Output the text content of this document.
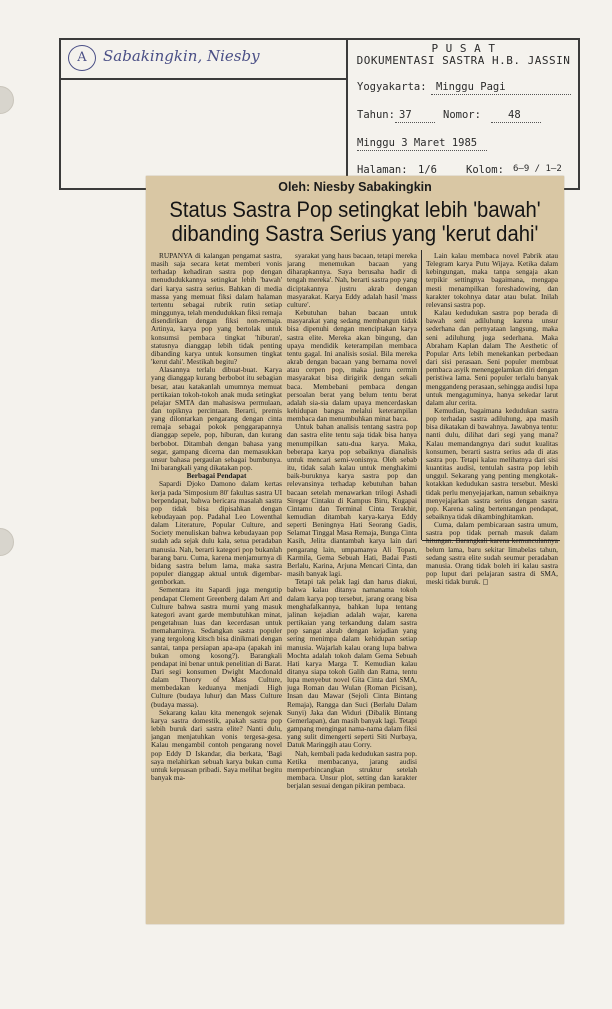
A	Sabakingkin, Niesby	P U S A T
DOKUMENTASI SASTRA H.B. JASSIN
Yogyakarta: Minggu Pagi
Tahun: 37	Nomor:	48
Minggu 3 Maret 1985
Halaman: 1/6	Kolom: 6—9 / 1—2
Oleh: Niesby Sabakingkin
Status Sastra Pop setingkat lebih 'bawah'
dibanding Sastra Serius yang 'kerut dahi'

RUPANYA di kalangan pengamat sastra, masih saja secara ketat memberi vonis terhadap kehadiran sastra pop dengan menududukkannya setingkat lebih 'bawah' dari karya sastra serius. Bahkan di media massa yang memuat fiksi dalam halaman tertentu sebagai rubrik rutin setiap minggunya, telah mendudukkan fiksi remaja disendirikan dengan fiksi non-remaja. Artinya, karya pop yang bertolak untuk konsumsi pembaca tingkat 'hiburan', statusnya dianggap lebih tidak penting dibanding karya untuk konsumen tingkat 'kerut dahi'. Mestikah begitu?

Alasannya terlalu dibuat-buat. Karya yang dianggap kurang berbobot itu sebagian besar, atau katakanlah umumnya memuat pertikaian tokoh-tokoh anak muda setingkat pelajar SMTA dan mahasiswa permulaan, dan topiknya percintaan. Berarti, premis yang dilontarkan pengarang dengan cinta remaja sebagai pokok penggarapannya dianggap sepele, pop, hiburan, dan kurang berbobot. Ditambah dengan bahasa yang segar, gampang dicerna dan memasukkan unsur bahasa pergaulan sebagai bumbunya. Ini barangkali yang dikatakan pop.

Berbagai Pendapat

Sapardi Djoko Damono dalam kertas kerja pada 'Simposium 80' fakultas sastra UI berpendapat, bahwa bericara masalah sastra pop tidak bisa dipisahkan dengan kebudayaan pop. Padahal Leo Lowenthal dalam Literature, Popular Culture, and Society menuliskan bahwa kebudayaan pop sudah ada sejak dulu kala, setua peradaban manusia. Nah, berarti kategori pop bukanlah barang baru. Cuma, karena menjamurnya di bidang sastra belum lama, maka sastra populer dianggap aktual untuk digembar-gemborkan.

Sementara itu Sapardi juga mengutip pendapat Clement Greenberg dalam Art and Culture bahwa sastra murni yang masuk kategori avant garde membutuhkan minat, pengetahuan luas dan kecerdasan untuk memahaminya. Sedangkan sastra populer yang tergolong kitsch bisa dinikmati dengan santai, tanpa persiapan apa-apa (apakah ini bukan omong kosong?). Barangkali pendapat ini benar untuk penelitian di Barat. Dari segi konsumen Dwight Macdonald dalam Theory of Mass Culture, membedakan keduanya menjadi High Culture (budaya luhur) dan Mass Culture (budaya massa).

Sekarang kalau kita menengok sejenak karya sastra domestik, apakah sastra pop lebih buruk dari sastra elite? Nanti dulu, jangan menjatuhkan vonis tergesa-gesa. Kalau mengambil contoh pengarang novel pop Eddy D Iskandar, dia berkata, 'Bagi saya melahirkan sebuah karya bukan cuma untuk kepuasan pribadi. Saya melihat begitu banyak ma-

syarakat yang haus bacaan, tetapi mereka jarang menemukan bacaan yang diharapkannya. Saya berusaha hadir di tengah mereka'. Nah, berarti sastra pop yang diciptakannya justru akrab dengan masyarakat. Karya Eddy adalah hasil 'mass culture'.

Kebutuhan bahan bacaan untuk masyarakat yang sedang membangun tidak bisa dipenuhi dengan menciptakan karya sastra elite. Mereka akan bingung, dan upaya mendidik keterampilan membaca tentu gagal. Ini analisis sosial. Bila mereka akrab dengan bacaan yang bernama novel atau cerpen pop, maka justru cermin masyarakat bisa dirigirik dengan sekali baca. Membebani pembaca dengan persoalan berat yang belum tentu berat adalah sia-sia dalam upaya mencerdaskan kehidupan bangsa melalui keterampilan membaca dan menumbuhkan minat baca.

Untuk bahan analisis tentang sastra pop dan sastra elite tentu saja tidak bisa hanya menumpilkan satu-dua karya. Maka, beberapa karya pop sebaiknya dianalisis untuk mencari semi-vonisnya. Oleh sebab itu, tidak salah kalau untuk menghakimi baik-buruknya karya sastra pop dan relevansinya terhadap kebutuhan bahan bacaan setelah menawarkan trilogi Ashadi Siregar Cintaku di Kampus Biru, Kugapai Cintamu dan Terminal Cinta Terakhir, kemudian ditambah karya-karya Eddy seperti Beningnya Hati Seorang Gadis, Selamat Tinggal Masa Remaja, Bunga Cinta Kasih, Jelita diantambah karya lain dari pengarang lain, umpamanya Ali Topan, Karmila, Gema Sebuah Hati, Badai Pasti Berlalu, Karina, Arjuna Mencari Cinta, dan masih banyak lagi.

Tetapi tak pelak lagi dan harus diakui, bahwa kalau ditanya namanama tokoh dalam karya pop tersebut, jarang orang bisa menghafalkannya, bahkan lupa tentang jalinan kejadian adalah wajar, karena pertikaian yang terkandung dalam sastra pop sangat akrab dengan kejadian yang sering menimpa dalam kehidupan setiap manusia. Wajarlah kalau orang lupa bahwa Mochta adalah tokoh dalam Gema Sebuah Hati karya Marga T. Kemudian kalau ditanya siapa tokoh Galih dan Ratna, tentu lupa menyebut novel Gita Cinta dari SMA, juga Roman dau Wulan (Roman Picisan), Insan dau Mawar (Sejoli Cinta Bintang Remaja), Rangga dan Suci (Berlalu Dalam Sunyi) Jaka dan Widuri (Dibalik Bintang Gemerlapan), dan masih banyak lagi. Tetapi gampang mengingat nama-nama dalam fiksi yang sulit dimengerti seperti Siti Nurbaya, Datuk Maringgih atau Corry.

Nah, kembali pada kedudukan sastra pop. Ketika membacanya, jarang audisi memperbincangkan struktur setelah membaca. Unsur plot, setting dan karakter berjalan sesuai dengan pikiran pembaca.

Lain kalau membaca novel Pabrik atau Telegram karya Putu Wijaya. Ketika dalam kebingungan, maka tanpa sengaja akan terpikir settingnya bagaimana, mengapa mesti menampilkan foreshadowing, dan karakter tokohnya datar atau bulat. Inilah relevansi sastra pop.

Kalau kedudukan sastra pop berada di bawah seni adiluhung karena unsur sederhana dan pernyataan langsung, maka seni adiluhung juga sederhana. Maka Abraham Kaplan dalam The Aesthetic of Popular Arts lebih menekankan perbedaan dari sisi perasaan. Seni populer membuat pembaca asyik menenggelamkan diri dengan peristiwa lama. Seni populer terlalu banyak menggandeng perasaan, sehingga audisi lupa untuk mengaguminya, hanya sekedar larut dalam alur cerita.

Kemudian, bagaimana kedudukan sastra pop terhadap sastra adiluhung, apa masih bisa dikatakan di bawahnya. Jawabnya tentu: nanti dulu, dilihat dari segi yang mana? Kalau memandangnya dari sudut kualitas konsumen, berarti sastra serius ada di atas sastra pop. Tetapi kalau melihatnya dari sisi kuantitas audisi, tentulah sastra pop lebih unggul. Sekarang yang penting mengkotak-kotakkan kedudukan sastra tersebut. Meski tidak perlu menyejajarkan, namun sebaiknya menyejajarkan sastra serius dengan sastra pop. Karena saling bertentangan pendapat, sebaiknya tidak dikambinghitamkan.

Cuma, dalam pembicaraan sastra umum, sastra pop tidak pernah masuk dalam hitungan. Barangkali karena kemunculannya belum lama, baru sekitar limabelas tahun, sedang sastra elite sudah seumur peradaban manusia. Orang tidak boleh iri kalau sastra pop luput dari pelajaran sastra di SMA, meski tidak buruk. ◻
